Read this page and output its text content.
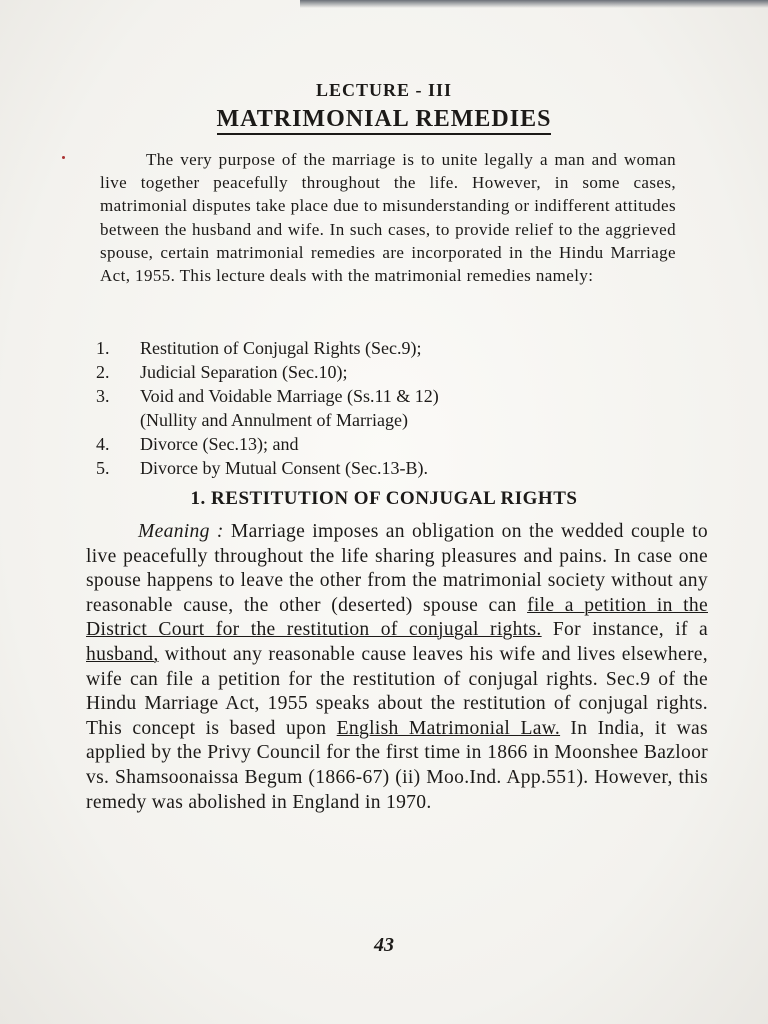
LECTURE - III
MATRIMONIAL REMEDIES
The very purpose of the marriage is to unite legally a man and woman live together peacefully throughout the life. However, in some cases, matrimonial disputes take place due to misunderstanding or indifferent attitudes between the husband and wife. In such cases, to provide relief to the aggrieved spouse, certain matrimonial remedies are incorporated in the Hindu Marriage Act, 1955. This lecture deals with the matrimonial remedies namely:
1.	Restitution of Conjugal Rights (Sec.9);
2.	Judicial Separation (Sec.10);
3.	Void and Voidable Marriage (Ss.11 & 12)
(Nullity and Annulment of Marriage)
4.	Divorce (Sec.13); and
5.	Divorce by Mutual Consent (Sec.13-B).
1. RESTITUTION OF CONJUGAL RIGHTS

Meaning : Marriage imposes an obligation on the wedded couple to live peacefully throughout the life sharing pleasures and pains. In case one spouse happens to leave the other from the matrimonial society without any reasonable cause, the other (deserted) spouse can file a petition in the District Court for the restitution of conjugal rights. For instance, if a husband, without any reasonable cause leaves his wife and lives elsewhere, wife can file a petition for the restitution of conjugal rights. Sec.9 of the Hindu Marriage Act, 1955 speaks about the restitution of conjugal rights. This concept is based upon English Matrimonial Law. In India, it was applied by the Privy Council for the first time in 1866 in Moonshee Bazloor vs. Shamsoonaissa Begum (1866-67) (ii) Moo.Ind. App.551). However, this remedy was abolished in England in 1970.

43
